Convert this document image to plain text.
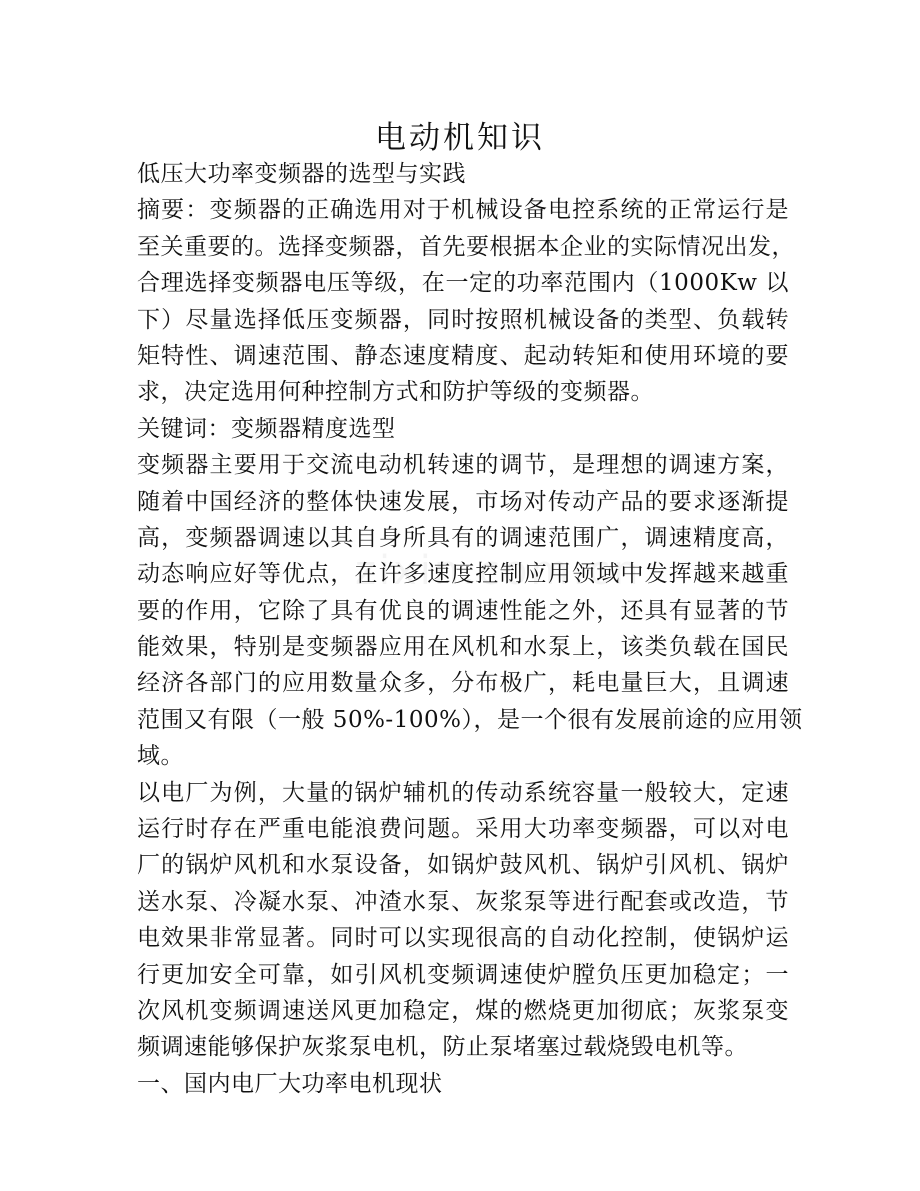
电动机知识
低压大功率变频器的选型与实践
摘要：变频器的正确选用对于机械设备电控系统的正常运行是
至关重要的。选择变频器，首先要根据本企业的实际情况出发，
合理选择变频器电压等级，在一定的功率范围内（1000Kw 以
下）尽量选择低压变频器，同时按照机械设备的类型、负载转
矩特性、调速范围、静态速度精度、起动转矩和使用环境的要
求，决定选用何种控制方式和防护等级的变频器。
关键词：变频器精度选型
变频器主要用于交流电动机转速的调节，是理想的调速方案，
随着中国经济的整体快速发展，市场对传动产品的要求逐渐提
高，变频器调速以其自身所具有的调速范围广，调速精度高，
动态响应好等优点，在许多速度控制应用领域中发挥越来越重
要的作用，它除了具有优良的调速性能之外，还具有显著的节
能效果，特别是变频器应用在风机和水泵上，该类负载在国民
经济各部门的应用数量众多，分布极广，耗电量巨大，且调速
范围又有限（一般 50%-100%），是一个很有发展前途的应用领
域。
以电厂为例，大量的锅炉辅机的传动系统容量一般较大，定速
运行时存在严重电能浪费问题。采用大功率变频器，可以对电
厂的锅炉风机和水泵设备，如锅炉鼓风机、锅炉引风机、锅炉
送水泵、冷凝水泵、冲渣水泵、灰浆泵等进行配套或改造，节
电效果非常显著。同时可以实现很高的自动化控制，使锅炉运
行更加安全可靠，如引风机变频调速使炉膛负压更加稳定；一
次风机变频调速送风更加稳定，煤的燃烧更加彻底；灰浆泵变
频调速能够保护灰浆泵电机，防止泵堵塞过载烧毁电机等。
一、国内电厂大功率电机现状
